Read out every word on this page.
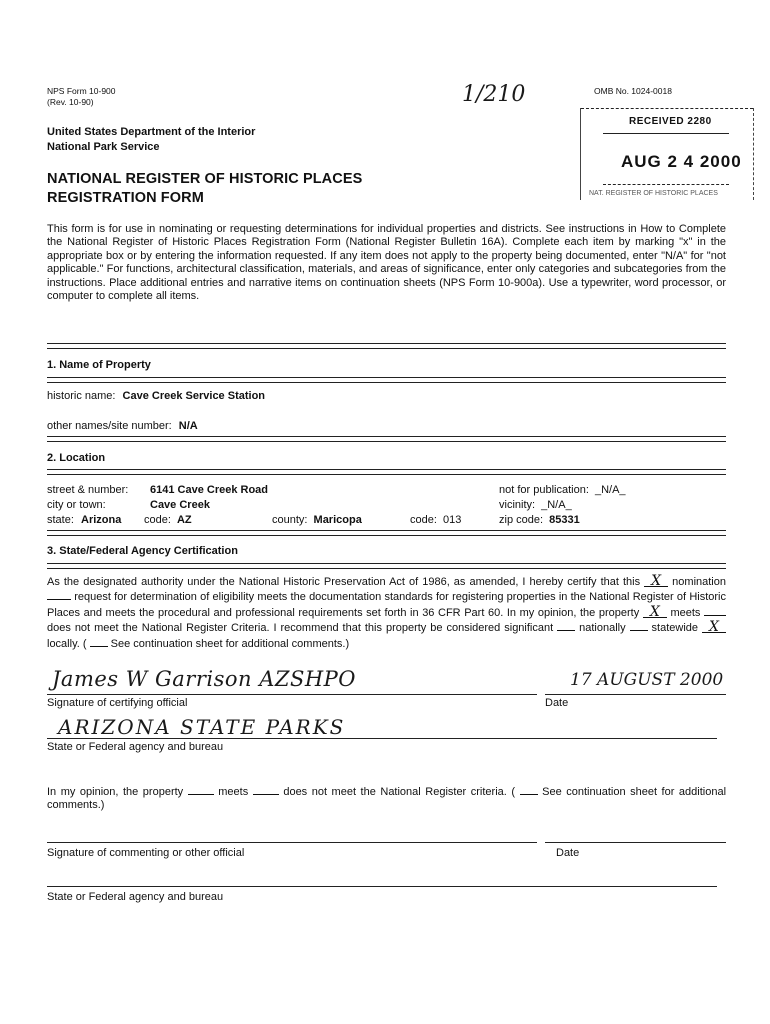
NPS Form 10-900
(Rev. 10-90)
OMB No. 1024-0018
1/210
United States Department of the Interior
National Park Service
NATIONAL REGISTER OF HISTORIC PLACES
REGISTRATION FORM
RECEIVED 2280
AUG 2 4 2000
NAT. REGISTER OF HISTORIC PLACES
This form is for use in nominating or requesting determinations for individual properties and districts. See instructions in How to Complete the National Register of Historic Places Registration Form (National Register Bulletin 16A). Complete each item by marking "x" in the appropriate box or by entering the information requested. If any item does not apply to the property being documented, enter "N/A" for "not applicable." For functions, architectural classification, materials, and areas of significance, enter only categories and subcategories from the instructions. Place additional entries and narrative items on continuation sheets (NPS Form 10-900a). Use a typewriter, word processor, or computer to complete all items.
1. Name of Property
historic name: Cave Creek Service Station
other names/site number: N/A
2. Location
street & number: 6141 Cave Creek Road	not for publication: _N/A_
city or town:	Cave Creek	vicinity: _N/A_
state: Arizona code: AZ	county: Maricopa	code: 013	zip code: 85331
3. State/Federal Agency Certification
As the designated authority under the National Historic Preservation Act of 1986, as amended, I hereby certify that this X nomination  request for determination of eligibility meets the documentation standards for registering properties in the National Register of Historic Places and meets the procedural and professional requirements set forth in 36 CFR Part 60. In my opinion, the property X meets  does not meet the National Register Criteria. I recommend that this property be considered significant nationally statewide X locally. ( See continuation sheet for additional comments.)
James W Garrison AZSHPO	17 AUGUST 2000
Signature of certifying official	Date
ARIZONA STATE PARKS
State or Federal agency and bureau
In my opinion, the property	meets	does not meet the National Register criteria. ( See continuation sheet for additional comments.)
Signature of commenting or other official	Date
State or Federal agency and bureau
